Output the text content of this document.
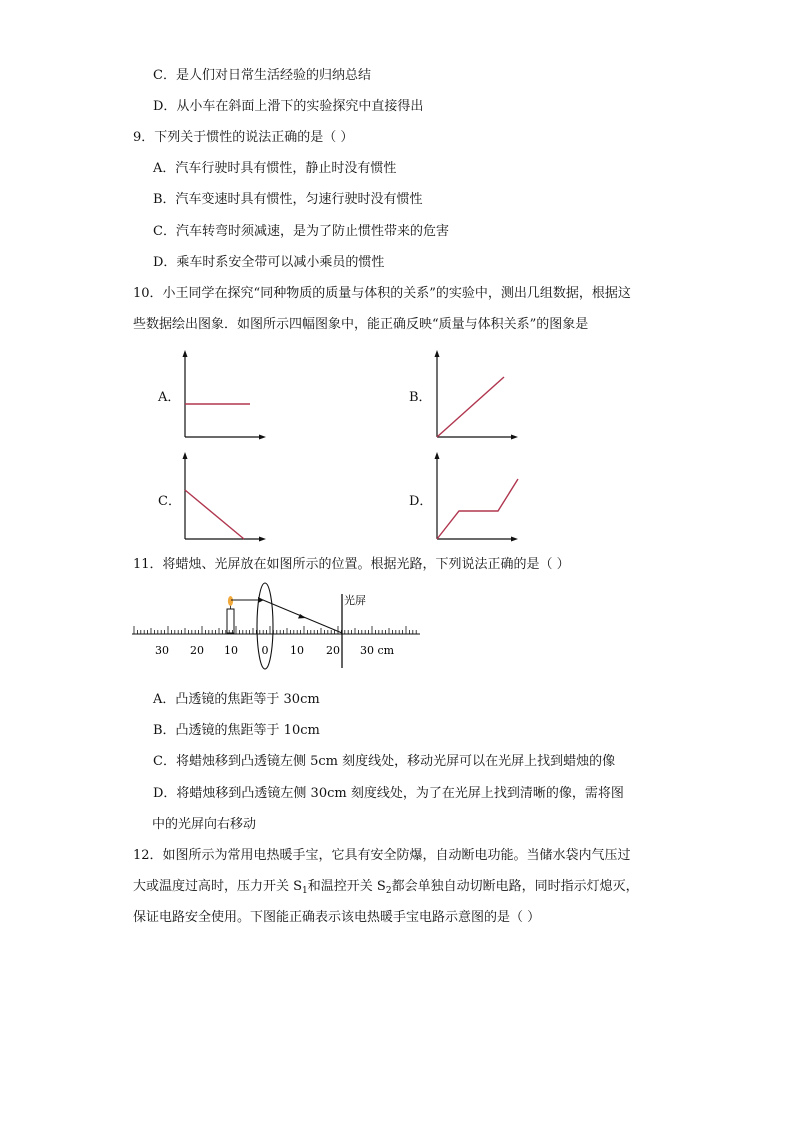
C．是人们对日常生活经验的归纳总结
D．从小车在斜面上滑下的实验探究中直接得出
9．下列关于惯性的说法正确的是（ ）
A．汽车行驶时具有惯性，静止时没有惯性
B．汽车变速时具有惯性，匀速行驶时没有惯性
C．汽车转弯时须减速，是为了防止惯性带来的危害
D．乘车时系安全带可以减小乘员的惯性
10．小王同学在探究“同种物质的质量与体积的关系”的实验中，测出几组数据，根据这
些数据绘出图象．如图所示四幅图象中，能正确反映“质量与体积关系”的图象是
A．	B．
C．	D．
11．将蜡烛、光屏放在如图所示的位置。根据光路，下列说法正确的是（ ）
30 20 10 0 10 20 30 cm
光屏
A．凸透镜的焦距等于 30cm
B．凸透镜的焦距等于 10cm
C．将蜡烛移到凸透镜左侧 5cm 刻度线处，移动光屏可以在光屏上找到蜡烛的像
D．将蜡烛移到凸透镜左侧 30cm 刻度线处，为了在光屏上找到清晰的像，需将图
中的光屏向右移动
12．如图所示为常用电热暖手宝，它具有安全防爆，自动断电功能。当储水袋内气压过
大或温度过高时，压力开关 $S_1$和温控开关 $S_2$都会单独自动切断电路，同时指示灯熄灭，
保证电路安全使用。下图能正确表示该电热暖手宝电路示意图的是（ ）
